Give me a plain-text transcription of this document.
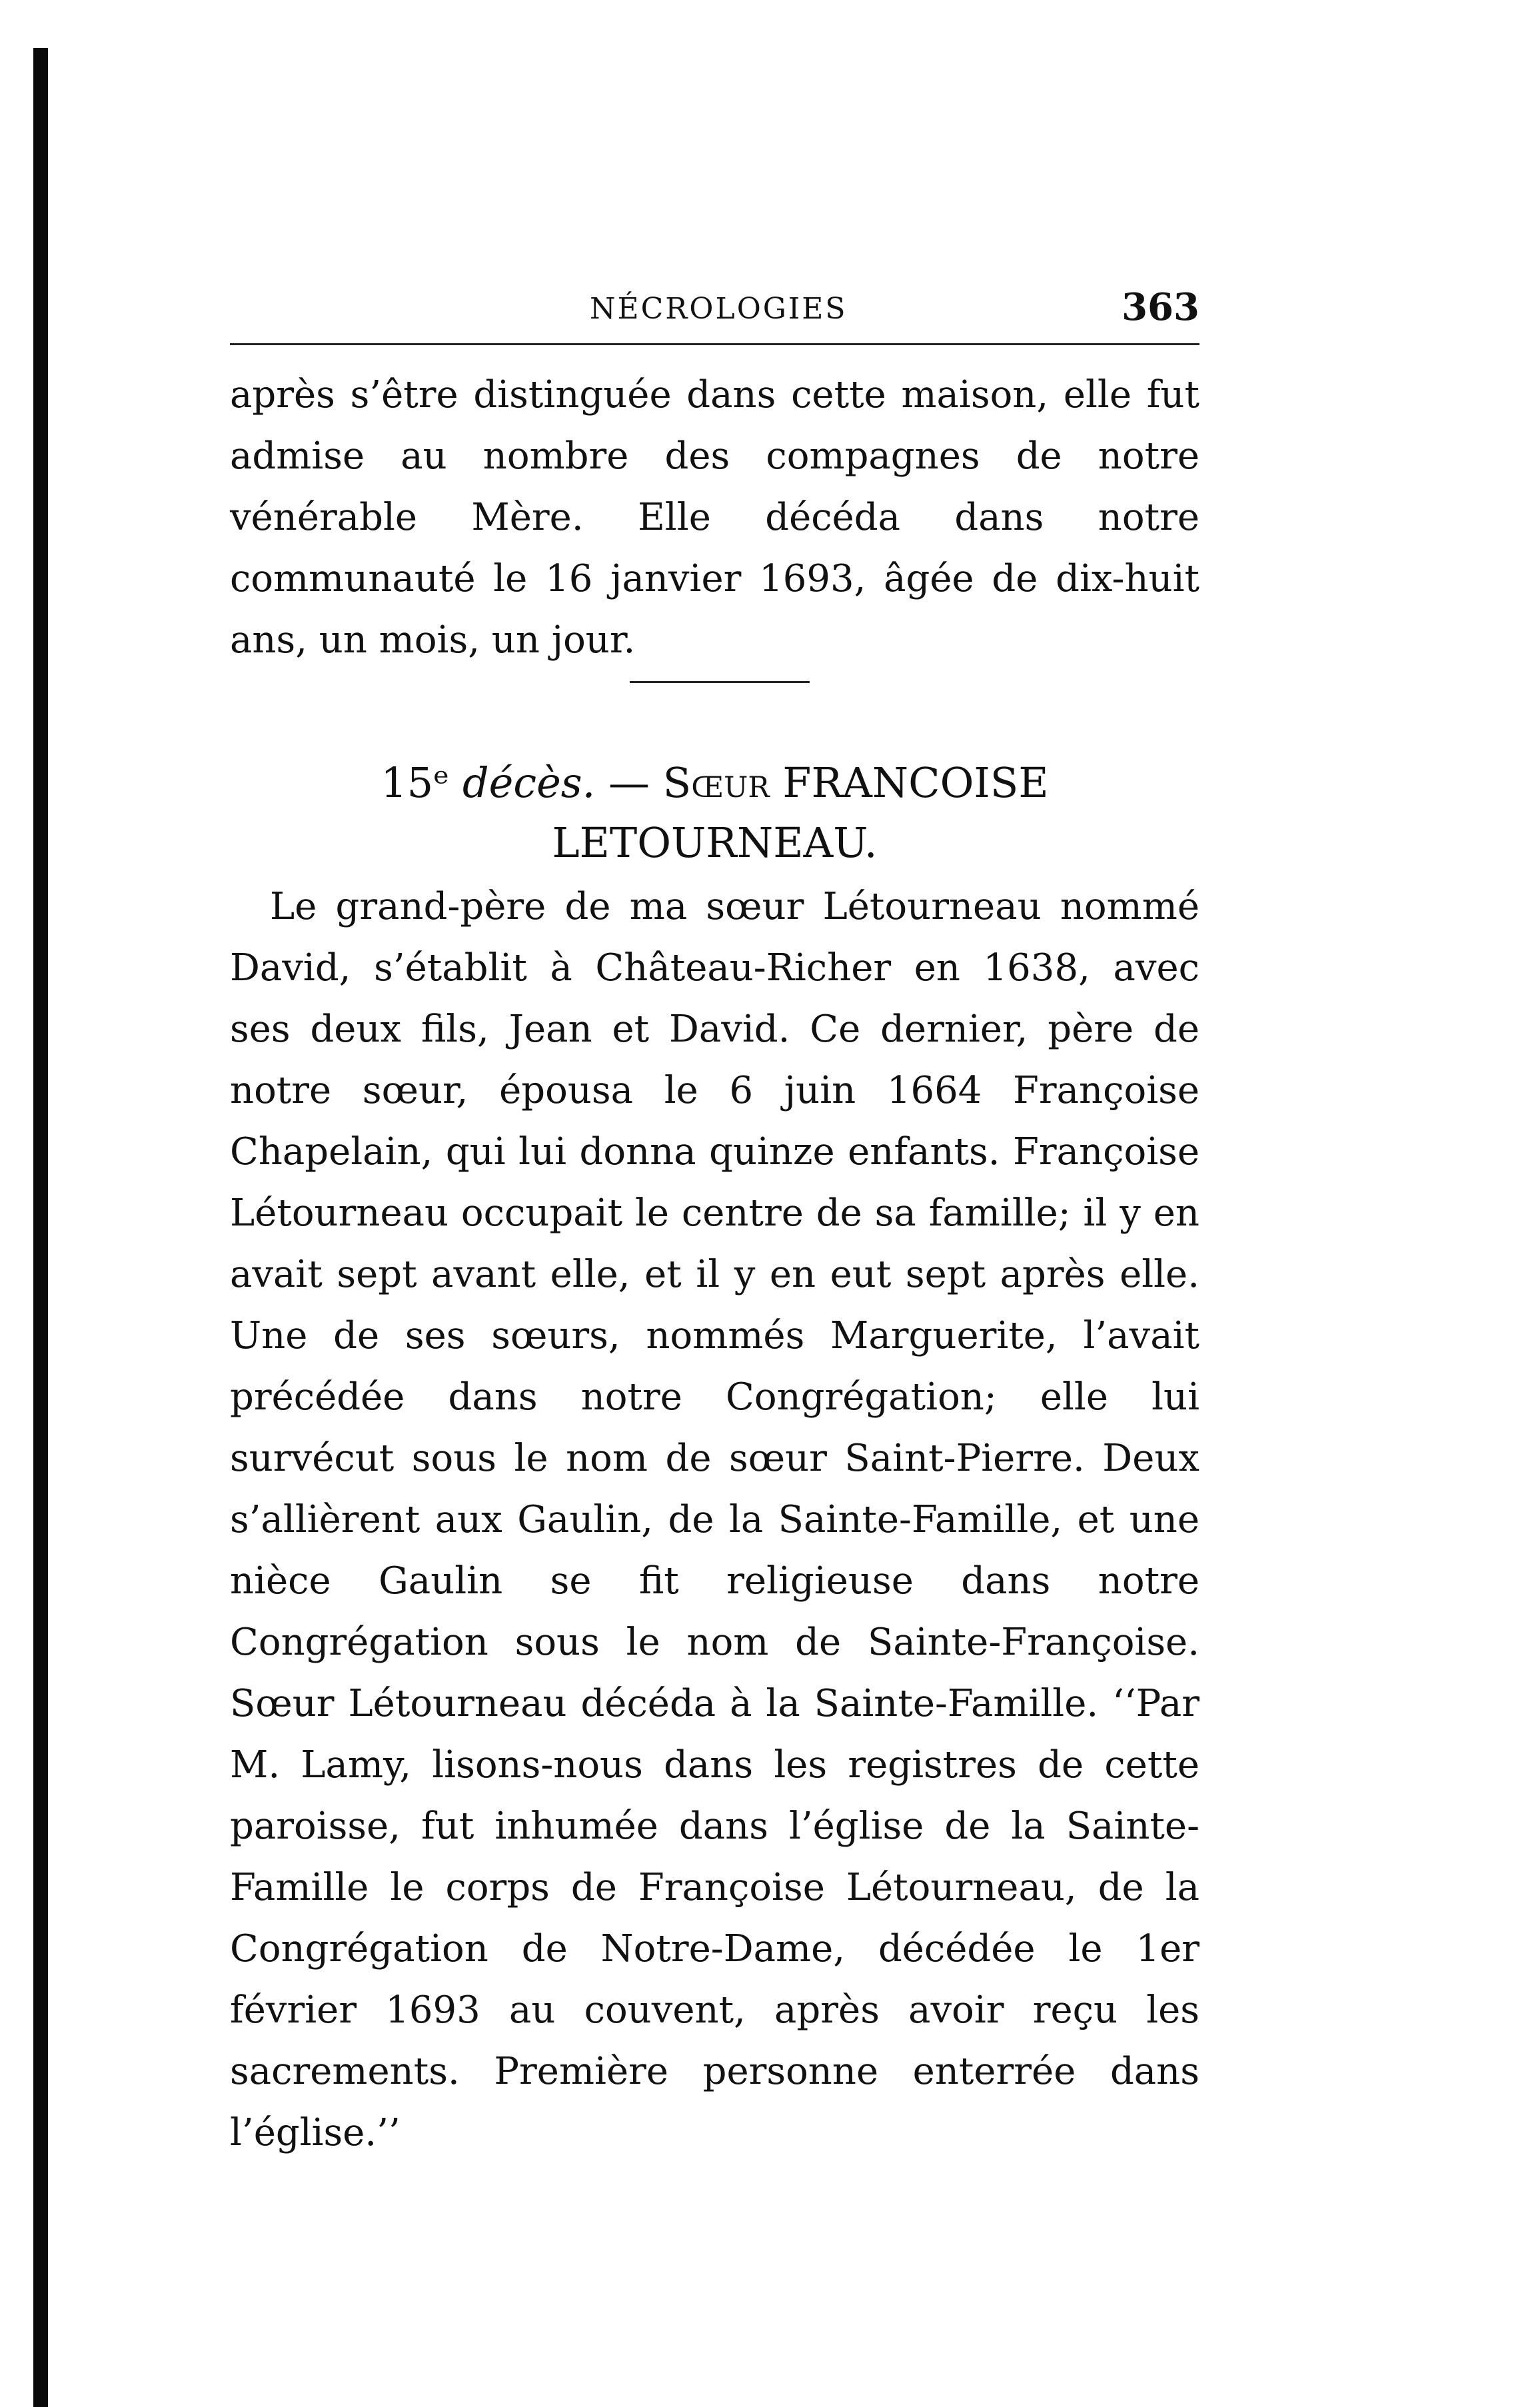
NÉCROLOGIES	363

après s’être distinguée dans cette maison, elle fut admise au nombre des compagnes de notre vénérable Mère. Elle décéda dans notre communauté le 16 janvier 1693, âgée de dix-huit ans, un mois, un jour.

15ᵉ décès. — Sœur FRANCOISE LETOURNEAU.

Le grand-père de ma sœur Létourneau nommé David, s’établit à Château-Richer en 1638, avec ses deux fils, Jean et David. Ce dernier, père de notre sœur, épousa le 6 juin 1664 Françoise Chapelain, qui lui donna quinze enfants. Françoise Létourneau occupait le centre de sa famille; il y en avait sept avant elle, et il y en eut sept après elle. Une de ses sœurs, nommés Marguerite, l’avait précédée dans notre Congrégation; elle lui survécut sous le nom de sœur Saint-Pierre. Deux s’allièrent aux Gaulin, de la Sainte-Famille, et une nièce Gaulin se fit religieuse dans notre Congrégation sous le nom de Sainte-Françoise. Sœur Létourneau décéda à la Sainte-Famille. ‘‘Par M. Lamy, lisons-nous dans les registres de cette paroisse, fut inhumée dans l’église de la Sainte-Famille le corps de Françoise Létourneau, de la Congrégation de Notre-Dame, décédée le 1er février 1693 au couvent, après avoir reçu les sacrements. Première personne enterrée dans l’église.’’
